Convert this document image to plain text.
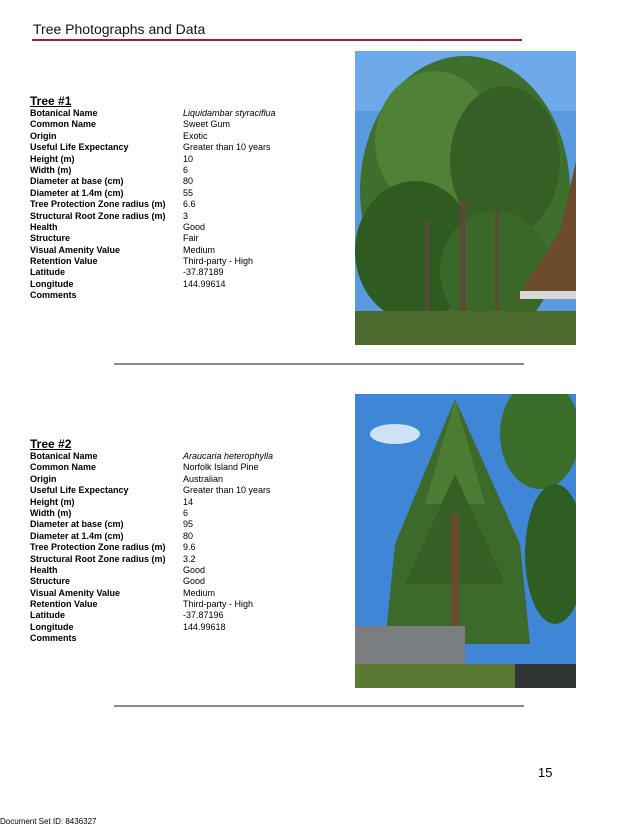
Tree Photographs and Data
Tree #1
Botanical Name	Liquidambar styraciflua
Common Name	Sweet Gum
Origin	Exotic
Useful Life Expectancy	Greater than 10 years
Height (m)	10
Width (m)	6
Diameter at base (cm)	80
Diameter at 1.4m (cm)	55
Tree Protection Zone radius (m) 6.6
Structural Root Zone radius (m) 3
Health	Good
Structure	Fair
Visual Amenity Value	Medium
Retention Value	Third-party - High
Latitude	-37.87189
Longitude	144.99614
Comments
Tree #2
Botanical Name	Araucaria heterophylla
Common Name	Norfolk Island Pine
Origin	Australian
Useful Life Expectancy	Greater than 10 years
Height (m)	14
Width (m)	6
Diameter at base (cm)	95
Diameter at 1.4m (cm)	80
Tree Protection Zone radius (m) 9.6
Structural Root Zone radius (m) 3.2
Health	Good
Structure	Good
Visual Amenity Value	Medium
Retention Value	Third-party - High
Latitude	-37.87196
Longitude	144.99618
Comments
15
Document Set ID: 8436327
